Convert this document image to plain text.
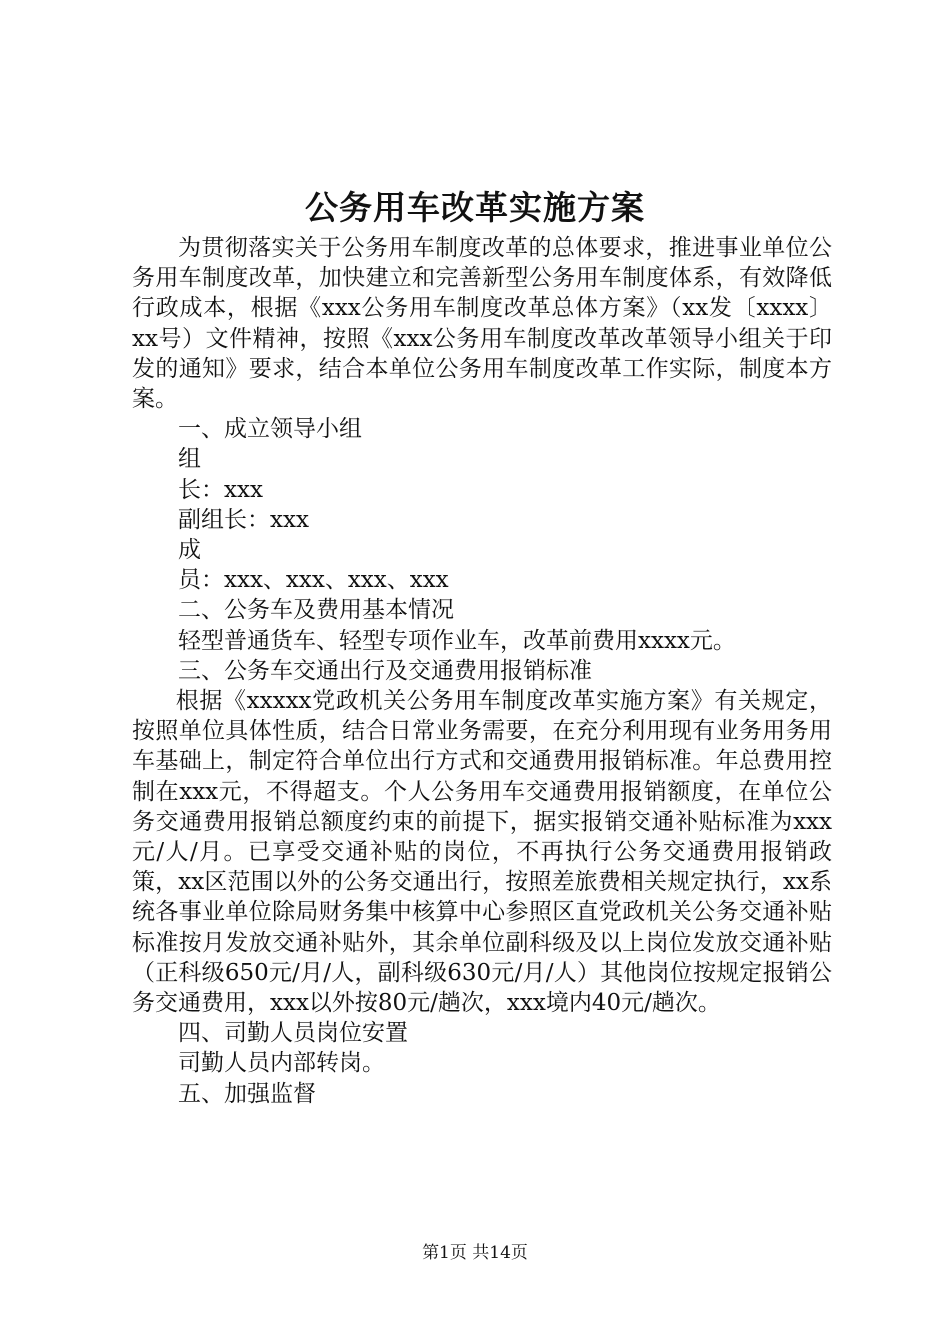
公务用车改革实施方案

为贯彻落实关于公务用车制度改革的总体要求，推进事业单位公务用车制度改革，加快建立和完善新型公务用车制度体系，有效降低行政成本，根据《xxx公务用车制度改革总体方案》（xx发〔xxxx〕xx号）文件精神，按照《xxx公务用车制度改革改革领导小组关于印发的通知》要求，结合本单位公务用车制度改革工作实际，制度本方案。

一、成立领导小组

组

长：xxx

副组长：xxx

成

员：xxx、xxx、xxx、xxx

二、公务车及费用基本情况

轻型普通货车、轻型专项作业车，改革前费用xxxx元。

三、公务车交通出行及交通费用报销标准

根据《xxxxx党政机关公务用车制度改革实施方案》有关规定，按照单位具体性质，结合日常业务需要，在充分利用现有业务用务用车基础上，制定符合单位出行方式和交通费用报销标准。年总费用控制在xxx元，不得超支。个人公务用车交通费用报销额度，在单位公务交通费用报销总额度约束的前提下，据实报销交通补贴标准为xxx元/人/月。已享受交通补贴的岗位，不再执行公务交通费用报销政策，xx区范围以外的公务交通出行，按照差旅费相关规定执行，xx系统各事业单位除局财务集中核算中心参照区直党政机关公务交通补贴标准按月发放交通补贴外，其余单位副科级及以上岗位发放交通补贴（正科级650元/月/人，副科级630元/月/人）其他岗位按规定报销公务交通费用，xxx以外按80元/趟次，xxx境内40元/趟次。

四、司勤人员岗位安置

司勤人员内部转岗。

五、加强监督

第1页 共14页
